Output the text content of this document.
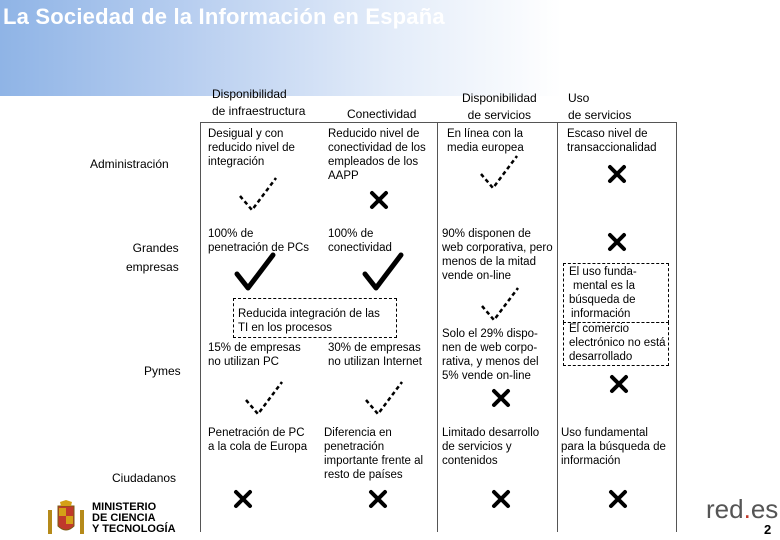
La Sociedad de la Información en España
Disponibilidad
de infraestructura	Conectividad
Disponibilidad
de servicios
Uso
de servicios
Administración
Grandes
empresas
Pymes
Ciudadanos
Desigual y con
reducido nivel de
integración
Reducido nivel de
conectividad de los
empleados de los
AAPP
En línea con la
media europea
Escaso nivel de
transaccionalidad
100% de
penetración de PCs
100% de
conectividad
90% disponen de
web corporativa, pero
menos de la mitad
vende on-line	El uso funda-
mental es la
búsqueda de
información
El comercio
electrónico no está
desarrollado
Reducida integración de las
TI en los procesos
15% de empresas
no utilizan PC
30% de empresas
no utilizan Internet
Solo el 29% dispo-
nen de web corpo-
rativa, y menos del
5% vende on-line
Penetración de PC
a la cola de Europa
Diferencia en
penetración
importante frente al
resto de países
Limitado desarrollo
de servicios y
contenidos
Uso fundamental
para la búsqueda de
información
MINISTERIO
DE CIENCIA
Y TECNOLOGÍA
red.es
2
